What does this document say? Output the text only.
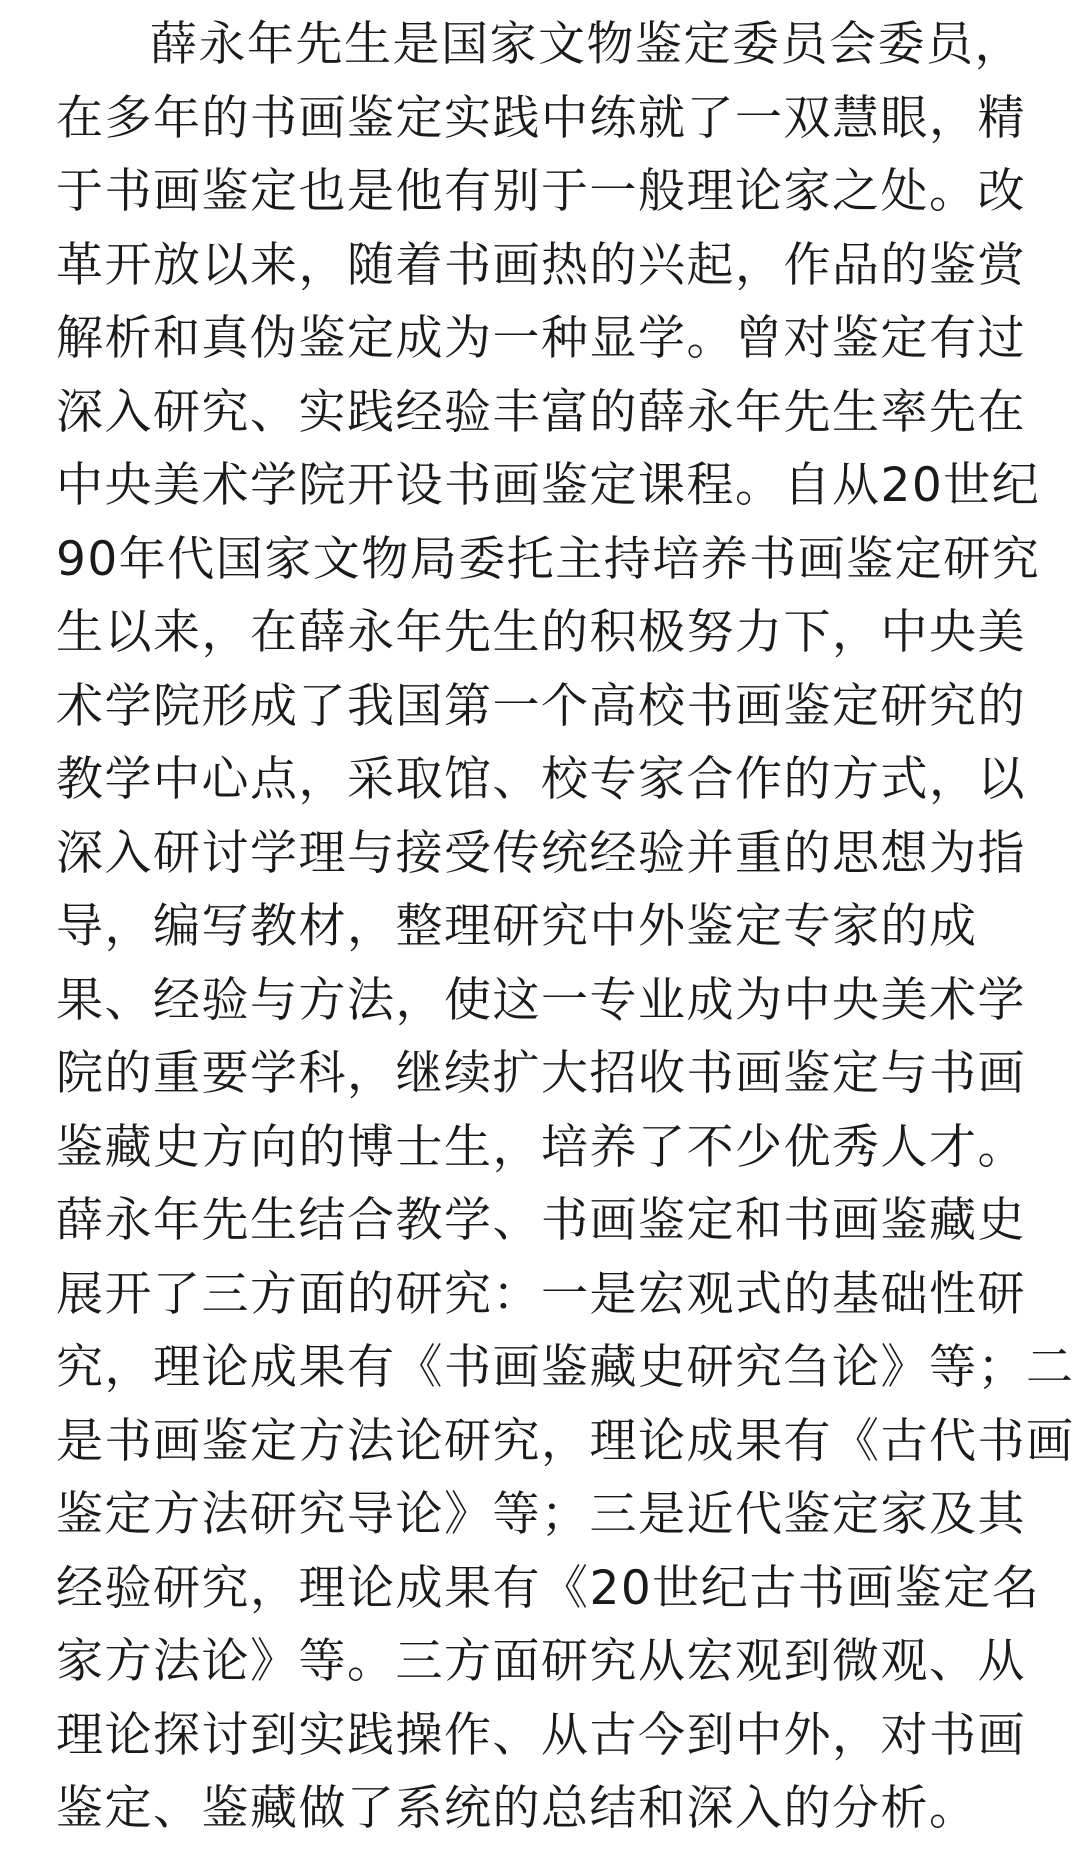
薛永年先生是国家文物鉴定委员会委员，
在多年的书画鉴定实践中练就了一双慧眼，精
于书画鉴定也是他有别于一般理论家之处。改
革开放以来，随着书画热的兴起，作品的鉴赏
解析和真伪鉴定成为一种显学。曾对鉴定有过
深入研究、实践经验丰富的薛永年先生率先在
中央美术学院开设书画鉴定课程。自从20世纪
90年代国家文物局委托主持培养书画鉴定研究
生以来，在薛永年先生的积极努力下，中央美
术学院形成了我国第一个高校书画鉴定研究的
教学中心点，采取馆、校专家合作的方式，以
深入研讨学理与接受传统经验并重的思想为指
导，编写教材，整理研究中外鉴定专家的成
果、经验与方法，使这一专业成为中央美术学
院的重要学科，继续扩大招收书画鉴定与书画
鉴藏史方向的博士生，培养了不少优秀人才。
薛永年先生结合教学、书画鉴定和书画鉴藏史
展开了三方面的研究：一是宏观式的基础性研
究，理论成果有《书画鉴藏史研究刍论》等；二
是书画鉴定方法论研究，理论成果有《古代书画
鉴定方法研究导论》等；三是近代鉴定家及其
经验研究，理论成果有《20世纪古书画鉴定名
家方法论》等。三方面研究从宏观到微观、从
理论探讨到实践操作、从古今到中外，对书画
鉴定、鉴藏做了系统的总结和深入的分析。
